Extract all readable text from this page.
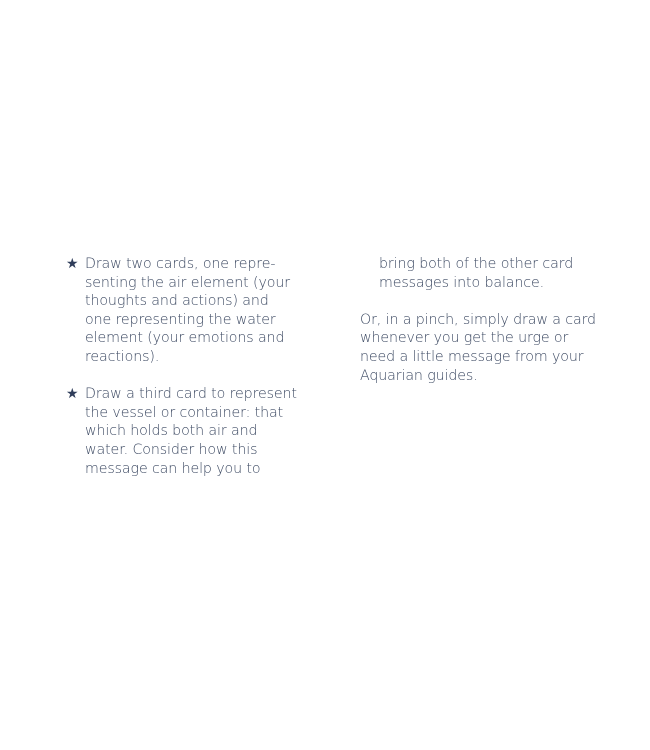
★ Draw two cards, one repre-
senting the air element (your
thoughts and actions) and
one representing the water
element (your emotions and
reactions).
★ Draw a third card to represent
the vessel or container: that
which holds both air and
water. Consider how this
message can help you to
bring both of the other card
messages into balance.

Or, in a pinch, simply draw a card
whenever you get the urge or
need a little message from your
Aquarian guides.
